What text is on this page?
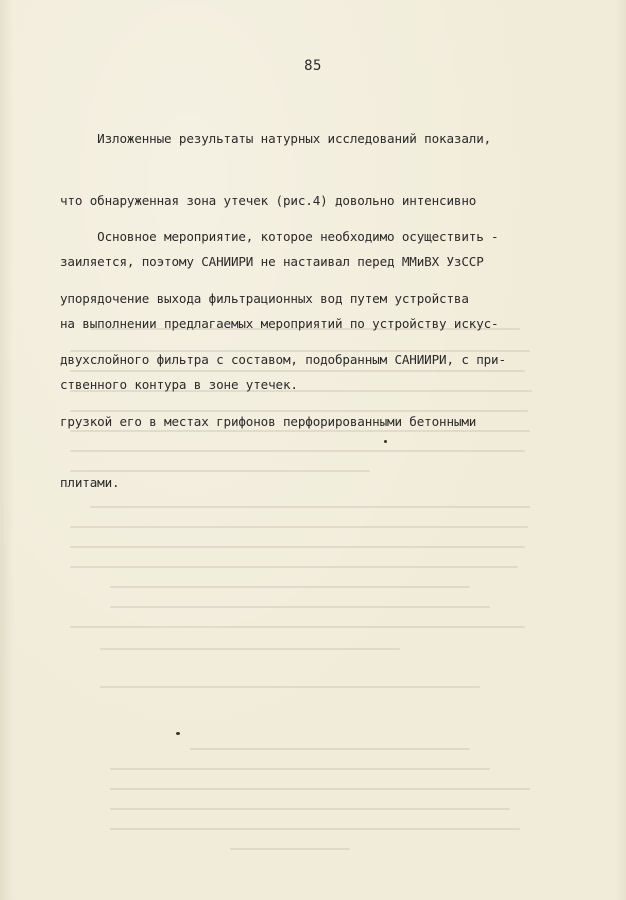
85

Изложенные результаты натурных исследований показали,

что обнаруженная зона утечек (рис.4) довольно интенсивно

заиляется, поэтому САНИИРИ не настаивал перед ММиВХ УзССР

на выполнении предлагаемых мероприятий по устройству искус-

ственного контура в зоне утечек.

Основное мероприятие, которое необходимо осуществить -

упорядочение выхода фильтрационных вод путем устройства

двухслойного фильтра с составом, подобранным САНИИРИ, с при-

грузкой его в местах грифонов перфорированными бетонными

плитами.
